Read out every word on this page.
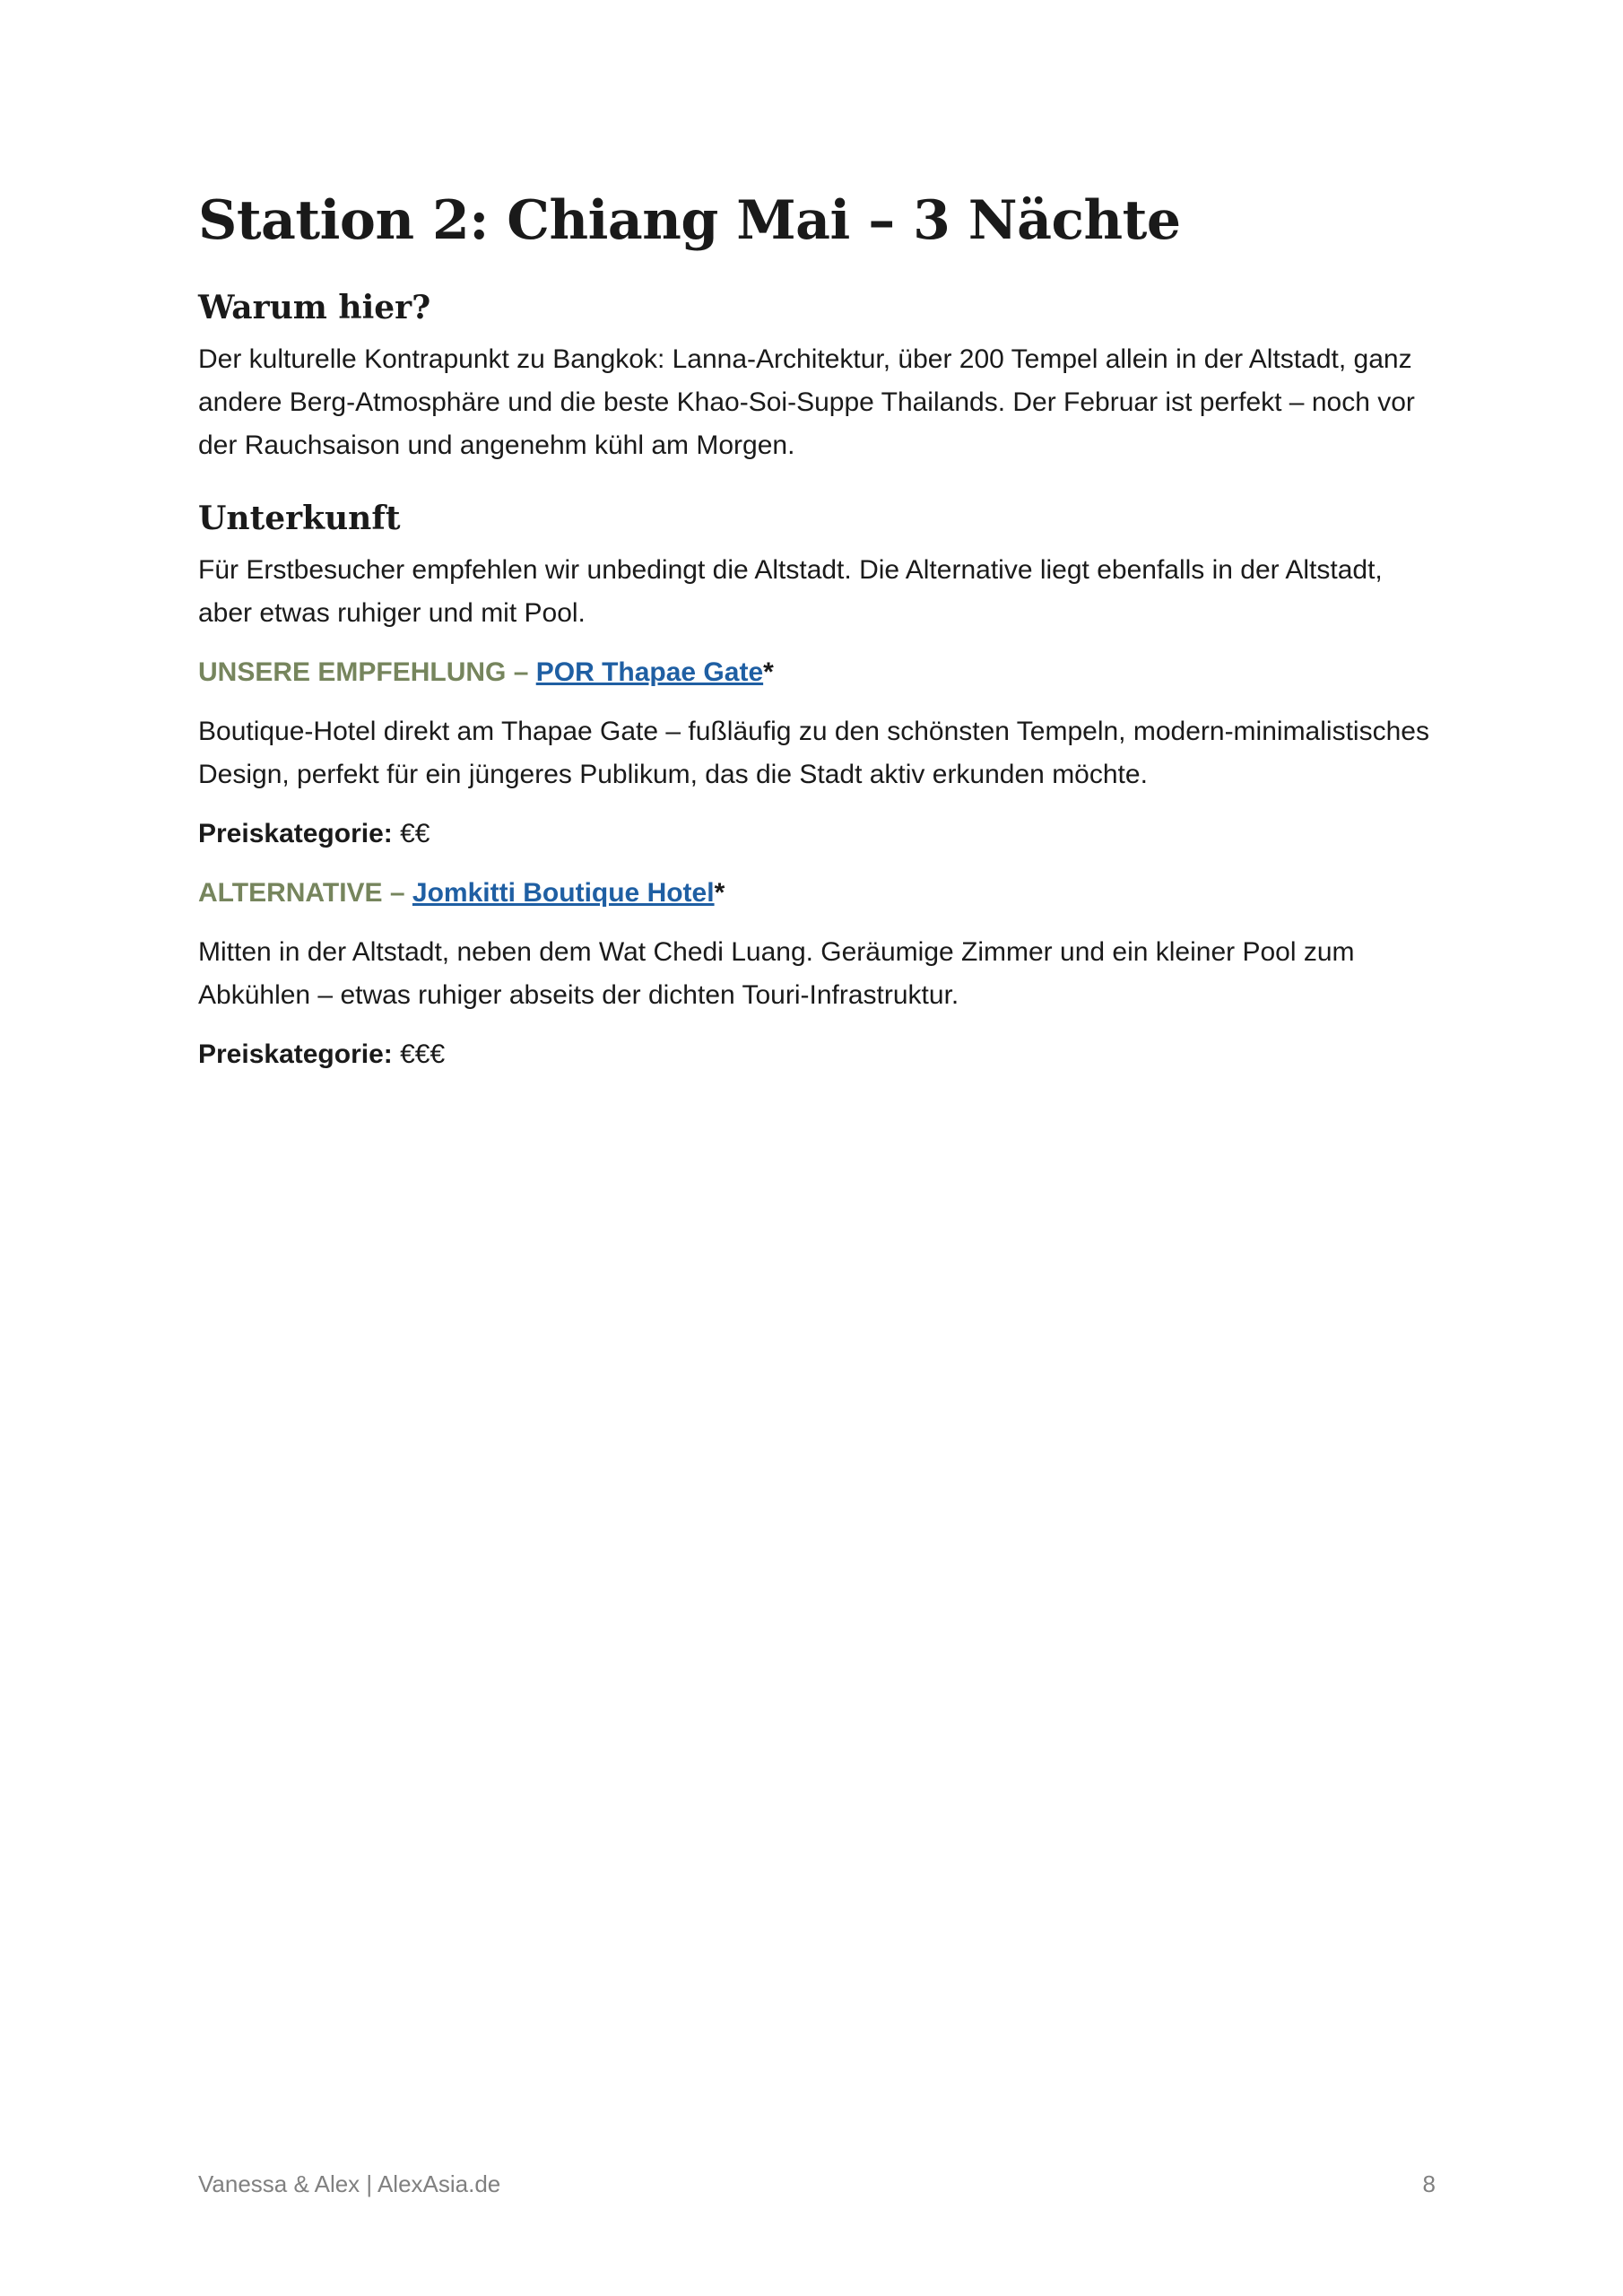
Station 2: Chiang Mai – 3 Nächte
Warum hier?

Der kulturelle Kontrapunkt zu Bangkok: Lanna-Architektur, über 200 Tempel allein in der Altstadt, ganz andere Berg-Atmosphäre und die beste Khao-Soi-Suppe Thailands. Der Februar ist perfekt – noch vor der Rauchsaison und angenehm kühl am Morgen.

Unterkunft

Für Erstbesucher empfehlen wir unbedingt die Altstadt. Die Alternative liegt ebenfalls in der Altstadt, aber etwas ruhiger und mit Pool.

UNSERE EMPFEHLUNG – POR Thapae Gate*

Boutique-Hotel direkt am Thapae Gate – fußläufig zu den schönsten Tempeln, modern-minimalistisches Design, perfekt für ein jüngeres Publikum, das die Stadt aktiv erkunden möchte.

Preiskategorie: €€

ALTERNATIVE – Jomkitti Boutique Hotel*

Mitten in der Altstadt, neben dem Wat Chedi Luang. Geräumige Zimmer und ein kleiner Pool zum Abkühlen – etwas ruhiger abseits der dichten Touri-Infrastruktur.

Preiskategorie: €€€

Vanessa & Alex | AlexAsia.de	8
